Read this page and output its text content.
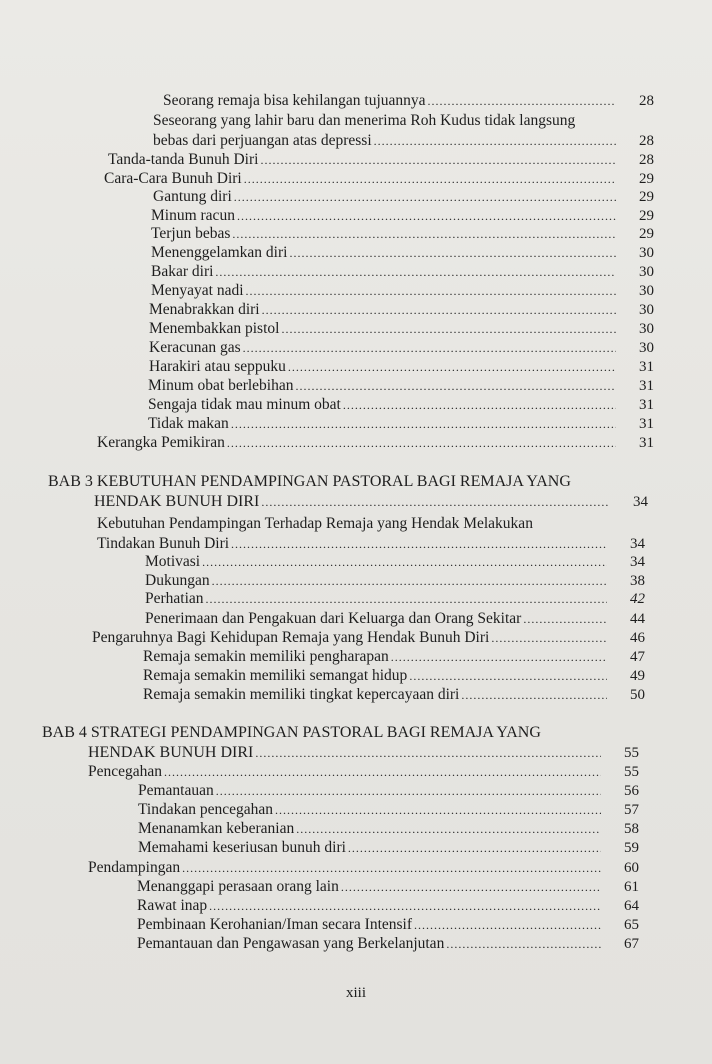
Seorang remaja bisa kehilangan tujuannya .....	28
Seseorang yang lahir baru dan menerima Roh Kudus tidak langsung
bebas dari perjuangan atas depressi .....	28
Tanda-tanda Bunuh Diri .....	28
Cara-Cara Bunuh Diri .....	29
Gantung diri .....	29
Minum racun .....	29
Terjun bebas .....	29
Menenggelamkan diri .....	30
Bakar diri .....	30
Menyayat nadi .....	30
Menabrakkan diri .....	30
Menembakkan pistol .....	30
Keracunan gas .....	30
Harakiri atau seppuku .....	31
Minum obat berlebihan .....	31
Sengaja tidak mau minum obat .....	31
Tidak makan .....	31
Kerangka Pemikiran .....	31
BAB 3 KEBUTUHAN PENDAMPINGAN PASTORAL BAGI REMAJA YANG
HENDAK BUNUH DIRI .....	34
Kebutuhan Pendampingan Terhadap Remaja yang Hendak Melakukan
Tindakan Bunuh Diri .....	34
Motivasi .....	34
Dukungan .....	38
Perhatian .....	42
Penerimaan dan Pengakuan dari Keluarga dan Orang Sekitar .....	44
Pengaruhnya Bagi Kehidupan Remaja yang Hendak Bunuh Diri .....	46
Remaja semakin memiliki pengharapan .....	47
Remaja semakin memiliki semangat hidup .....	49
Remaja semakin memiliki tingkat kepercayaan diri .....	50
BAB 4 STRATEGI PENDAMPINGAN PASTORAL BAGI REMAJA YANG
HENDAK BUNUH DIRI .....	55
Pencegahan .....	55
Pemantauan .....	56
Tindakan pencegahan .....	57
Menanamkan keberanian .....	58
Memahami keseriusan bunuh diri .....	59
Pendampingan .....	60
Menanggapi perasaan orang lain .....	61
Rawat inap .....	64
Pembinaan Kerohanian/Iman secara Intensif .....	65
Pemantauan dan Pengawasan yang Berkelanjutan .....	67
xiii
